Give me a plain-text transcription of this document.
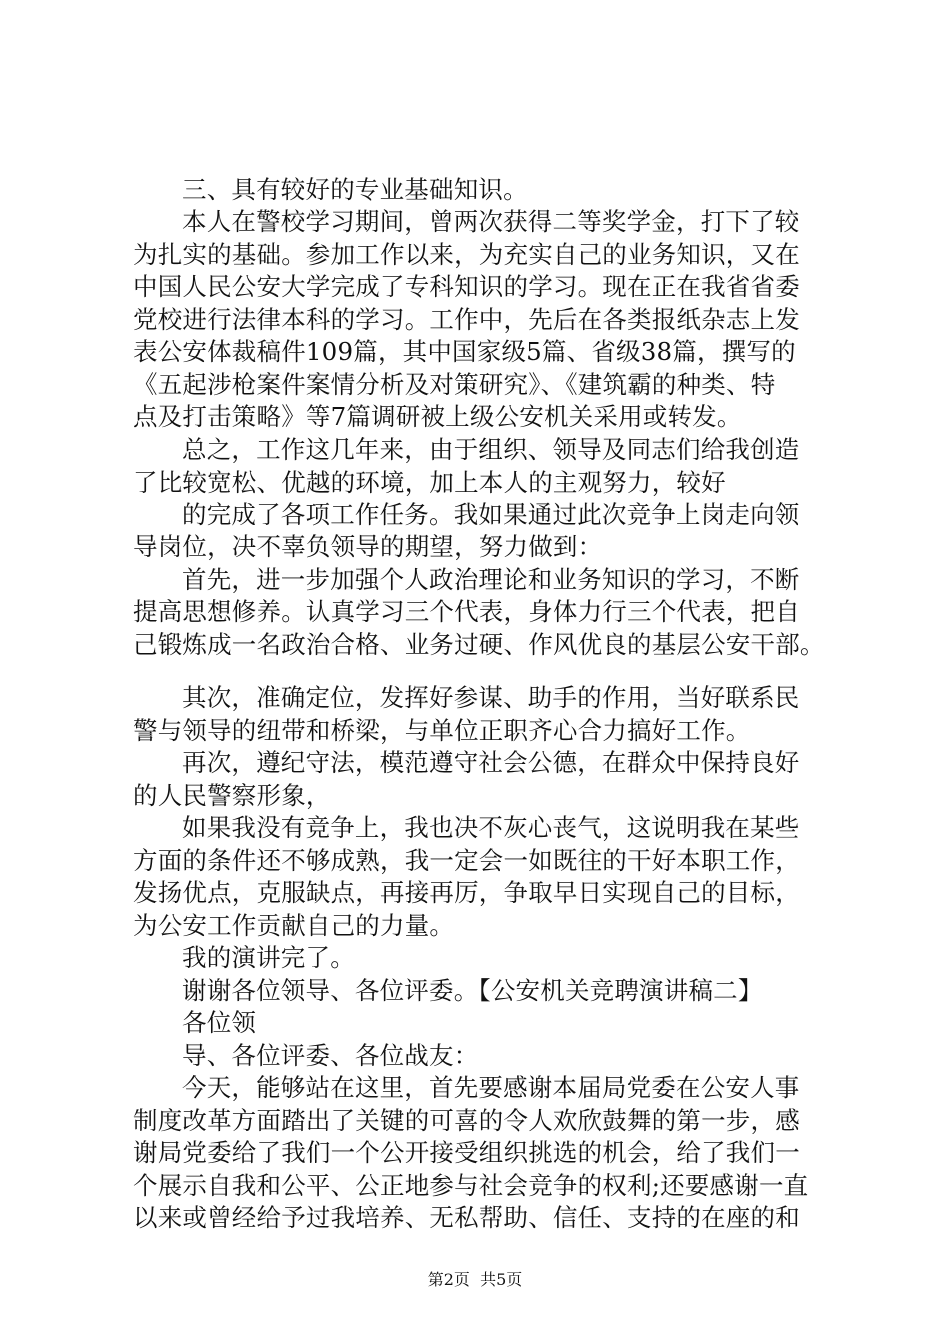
三、具有较好的专业基础知识。
本人在警校学习期间，曾两次获得二等奖学金，打下了较
为扎实的基础。参加工作以来，为充实自己的业务知识，又在
中国人民公安大学完成了专科知识的学习。现在正在我省省委
党校进行法律本科的学习。工作中，先后在各类报纸杂志上发
表公安体裁稿件109篇，其中国家级5篇、省级38篇，撰写的
《五起涉枪案件案情分析及对策研究》、《建筑霸的种类、特
点及打击策略》等7篇调研被上级公安机关采用或转发。
总之，工作这几年来，由于组织、领导及同志们给我创造
了比较宽松、优越的环境，加上本人的主观努力，较好
的完成了各项工作任务。我如果通过此次竞争上岗走向领
导岗位，决不辜负领导的期望，努力做到：
首先，进一步加强个人政治理论和业务知识的学习，不断
提高思想修养。认真学习三个代表，身体力行三个代表，把自
己锻炼成一名政治合格、业务过硬、作风优良的基层公安干部。
其次，准确定位，发挥好参谋、助手的作用，当好联系民
警与领导的纽带和桥梁，与单位正职齐心合力搞好工作。
再次，遵纪守法，模范遵守社会公德，在群众中保持良好
的人民警察形象，
如果我没有竞争上，我也决不灰心丧气，这说明我在某些
方面的条件还不够成熟，我一定会一如既往的干好本职工作，
发扬优点，克服缺点，再接再厉，争取早日实现自己的目标，
为公安工作贡献自己的力量。
我的演讲完了。
谢谢各位领导、各位评委。【公安机关竞聘演讲稿二】
各位领
导、各位评委、各位战友：
今天，能够站在这里，首先要感谢本届局党委在公安人事
制度改革方面踏出了关键的可喜的令人欢欣鼓舞的第一步，感
谢局党委给了我们一个公开接受组织挑选的机会，给了我们一
个展示自我和公平、公正地参与社会竞争的权利;还要感谢一直
以来或曾经给予过我培养、无私帮助、信任、支持的在座的和
第2页  共5页
